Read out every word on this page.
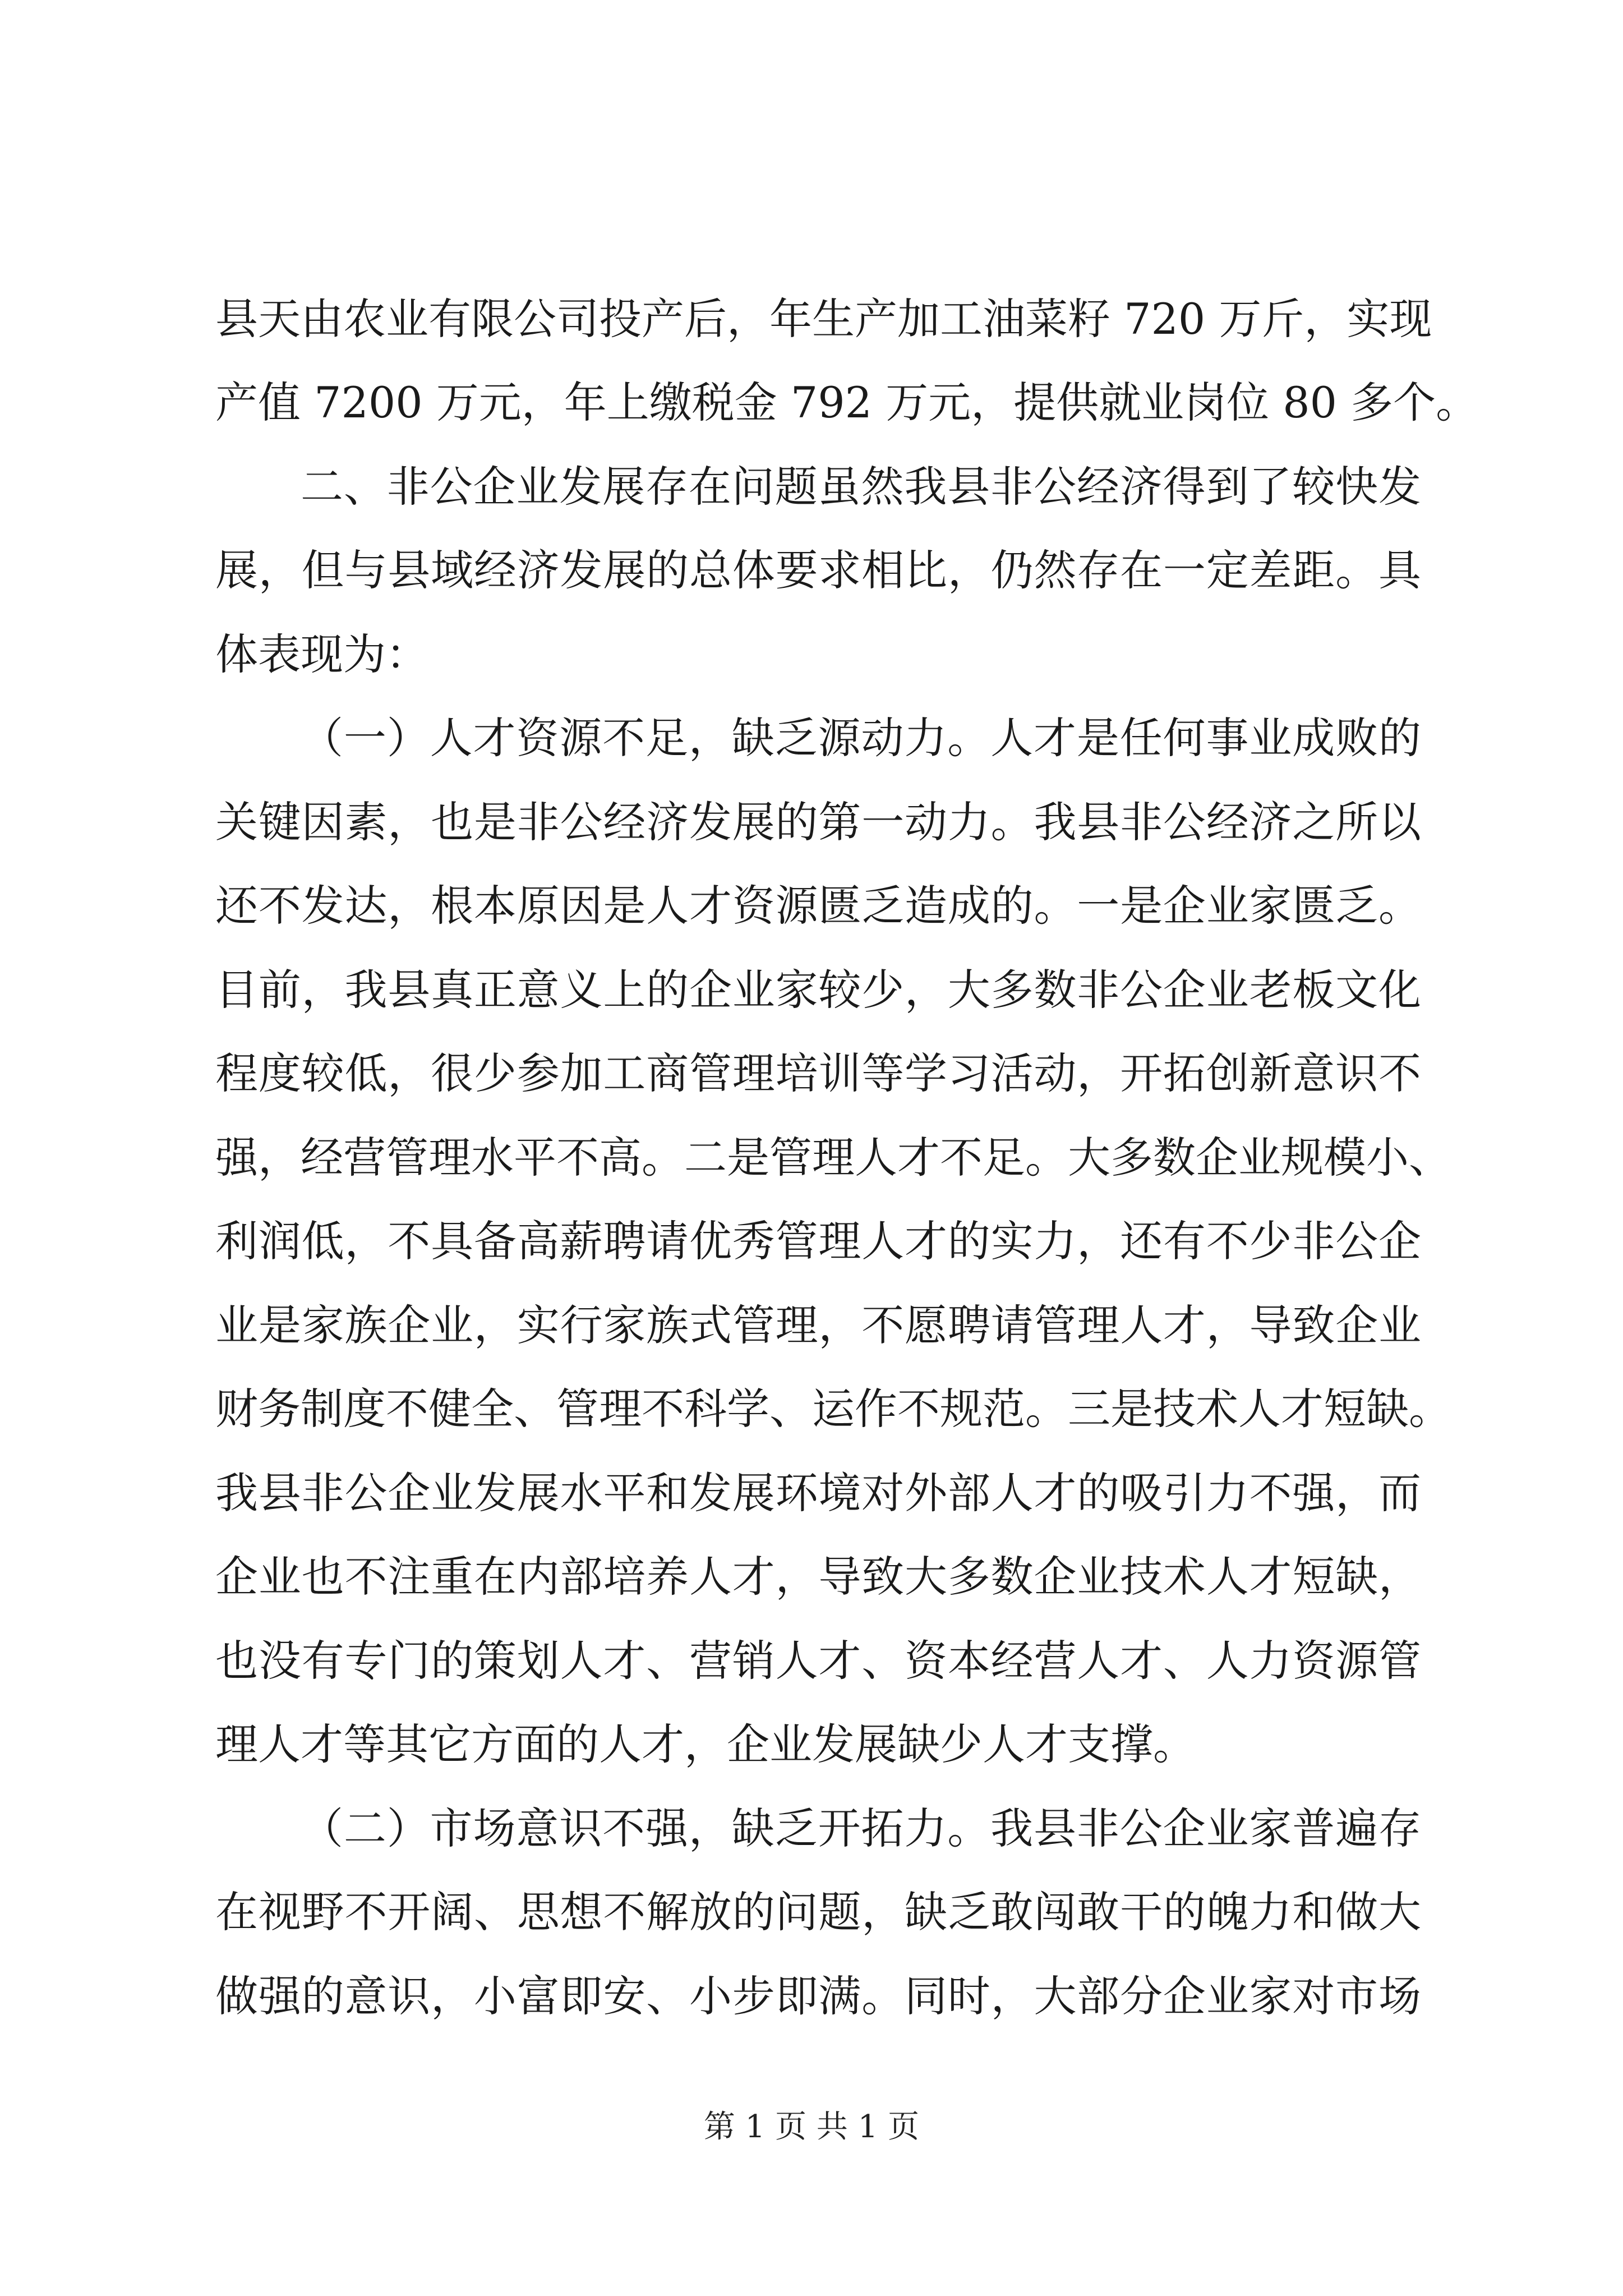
县天由农业有限公司投产后，年生产加工油菜籽 720 万斤，实现
产值 7200 万元，年上缴税金 792 万元，提供就业岗位 80 多个。
二、非公企业发展存在问题虽然我县非公经济得到了较快发
展，但与县域经济发展的总体要求相比，仍然存在一定差距。具
体表现为：
（一）人才资源不足，缺乏源动力。人才是任何事业成败的
关键因素，也是非公经济发展的第一动力。我县非公经济之所以
还不发达，根本原因是人才资源匮乏造成的。一是企业家匮乏。
目前，我县真正意义上的企业家较少，大多数非公企业老板文化
程度较低，很少参加工商管理培训等学习活动，开拓创新意识不
强，经营管理水平不高。二是管理人才不足。大多数企业规模小、
利润低，不具备高薪聘请优秀管理人才的实力，还有不少非公企
业是家族企业，实行家族式管理，不愿聘请管理人才，导致企业
财务制度不健全、管理不科学、运作不规范。三是技术人才短缺。
我县非公企业发展水平和发展环境对外部人才的吸引力不强，而
企业也不注重在内部培养人才，导致大多数企业技术人才短缺，
也没有专门的策划人才、营销人才、资本经营人才、人力资源管
理人才等其它方面的人才，企业发展缺少人才支撑。
（二）市场意识不强，缺乏开拓力。我县非公企业家普遍存
在视野不开阔、思想不解放的问题，缺乏敢闯敢干的魄力和做大
做强的意识，小富即安、小步即满。同时，大部分企业家对市场
第 1 页 共 1 页
